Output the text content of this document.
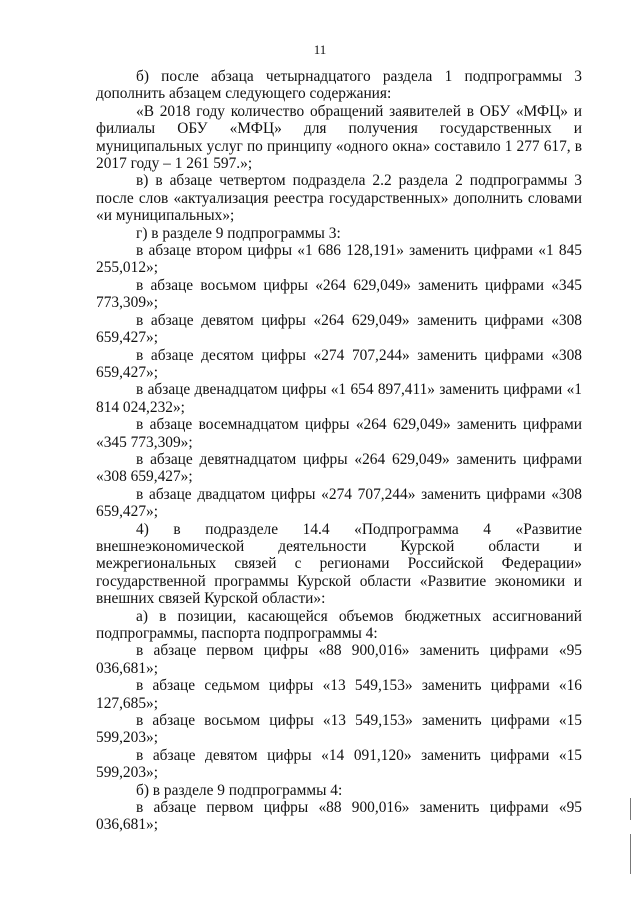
11

б) после абзаца четырнадцатого раздела 1 подпрограммы 3 дополнить абзацем следующего содержания:

«В 2018 году количество обращений заявителей в ОБУ «МФЦ» и филиалы ОБУ «МФЦ» для получения государственных и муниципальных услуг по принципу «одного окна» составило 1 277 617, в 2017 году – 1 261 597.»;

в) в абзаце четвертом подраздела 2.2 раздела 2 подпрограммы 3 после слов «актуализация реестра государственных» дополнить словами «и муниципальных»;

г) в разделе 9 подпрограммы 3:

в абзаце втором цифры «1 686 128,191» заменить цифрами «1 845 255,012»;

в абзаце восьмом цифры «264 629,049» заменить цифрами «345 773,309»;

в абзаце девятом цифры «264 629,049» заменить цифрами «308 659,427»;

в абзаце десятом цифры «274 707,244» заменить цифрами «308 659,427»;

в абзаце двенадцатом цифры «1 654 897,411» заменить цифрами «1 814 024,232»;

в абзаце восемнадцатом цифры «264 629,049» заменить цифрами «345 773,309»;

в абзаце девятнадцатом цифры «264 629,049» заменить цифрами «308 659,427»;

в абзаце двадцатом цифры «274 707,244» заменить цифрами «308 659,427»;

4) в подразделе 14.4 «Подпрограмма 4 «Развитие внешнеэкономической деятельности Курской области и межрегиональных связей с регионами Российской Федерации» государственной программы Курской области «Развитие экономики и внешних связей Курской области»:

а) в позиции, касающейся объемов бюджетных ассигнований подпрограммы, паспорта подпрограммы 4:

в абзаце первом цифры «88 900,016» заменить цифрами «95 036,681»;

в абзаце седьмом цифры «13 549,153» заменить цифрами «16 127,685»;

в абзаце восьмом цифры «13 549,153» заменить цифрами «15 599,203»;

в абзаце девятом цифры «14 091,120» заменить цифрами «15 599,203»;

б) в разделе 9 подпрограммы 4:

в абзаце первом цифры «88 900,016» заменить цифрами «95 036,681»;
